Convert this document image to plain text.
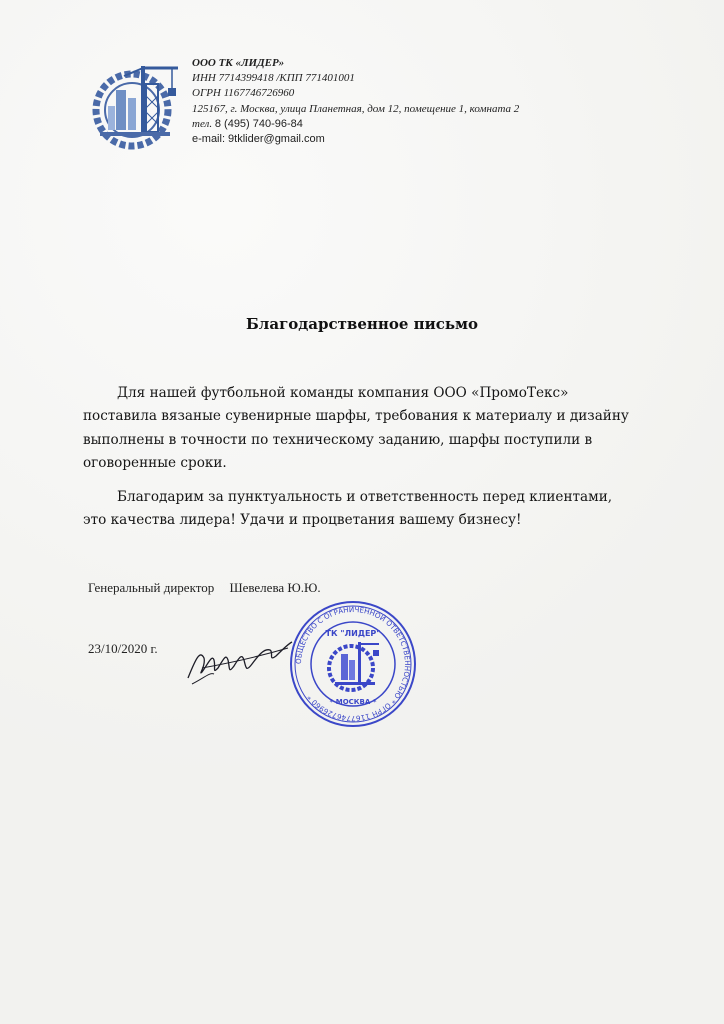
ООО ТК «ЛИДЕР»
ИНН 7714399418 /КПП 771401001
ОГРН 1167746726960
125167, г. Москва, улица Планетная, дом 12, помещение 1, комната 2
тел. 8 (495) 740-96-84
e-mail: 9tklider@gmail.com
Благодарственное письмо

Для нашей футбольной команды компания ООО «ПромоТекс» поставила вязаные сувенирные шарфы, требования к материалу и дизайну выполнены в точности по техническому заданию, шарфы поступили в оговоренные сроки.

Благодарим за пунктуальность и ответственность перед клиентами, это качества лидера! Удачи и процветания вашему бизнесу!

Генеральный директор Шевелева Ю.Ю.
23/10/2020 г.
ОБЩЕСТВО С ОГРАНИЧЕННОЙ ОТВЕТСТВЕННОСТЬЮ * ОГРН 1167746726960 *
ТК "ЛИДЕР"
* МОСКВА *
